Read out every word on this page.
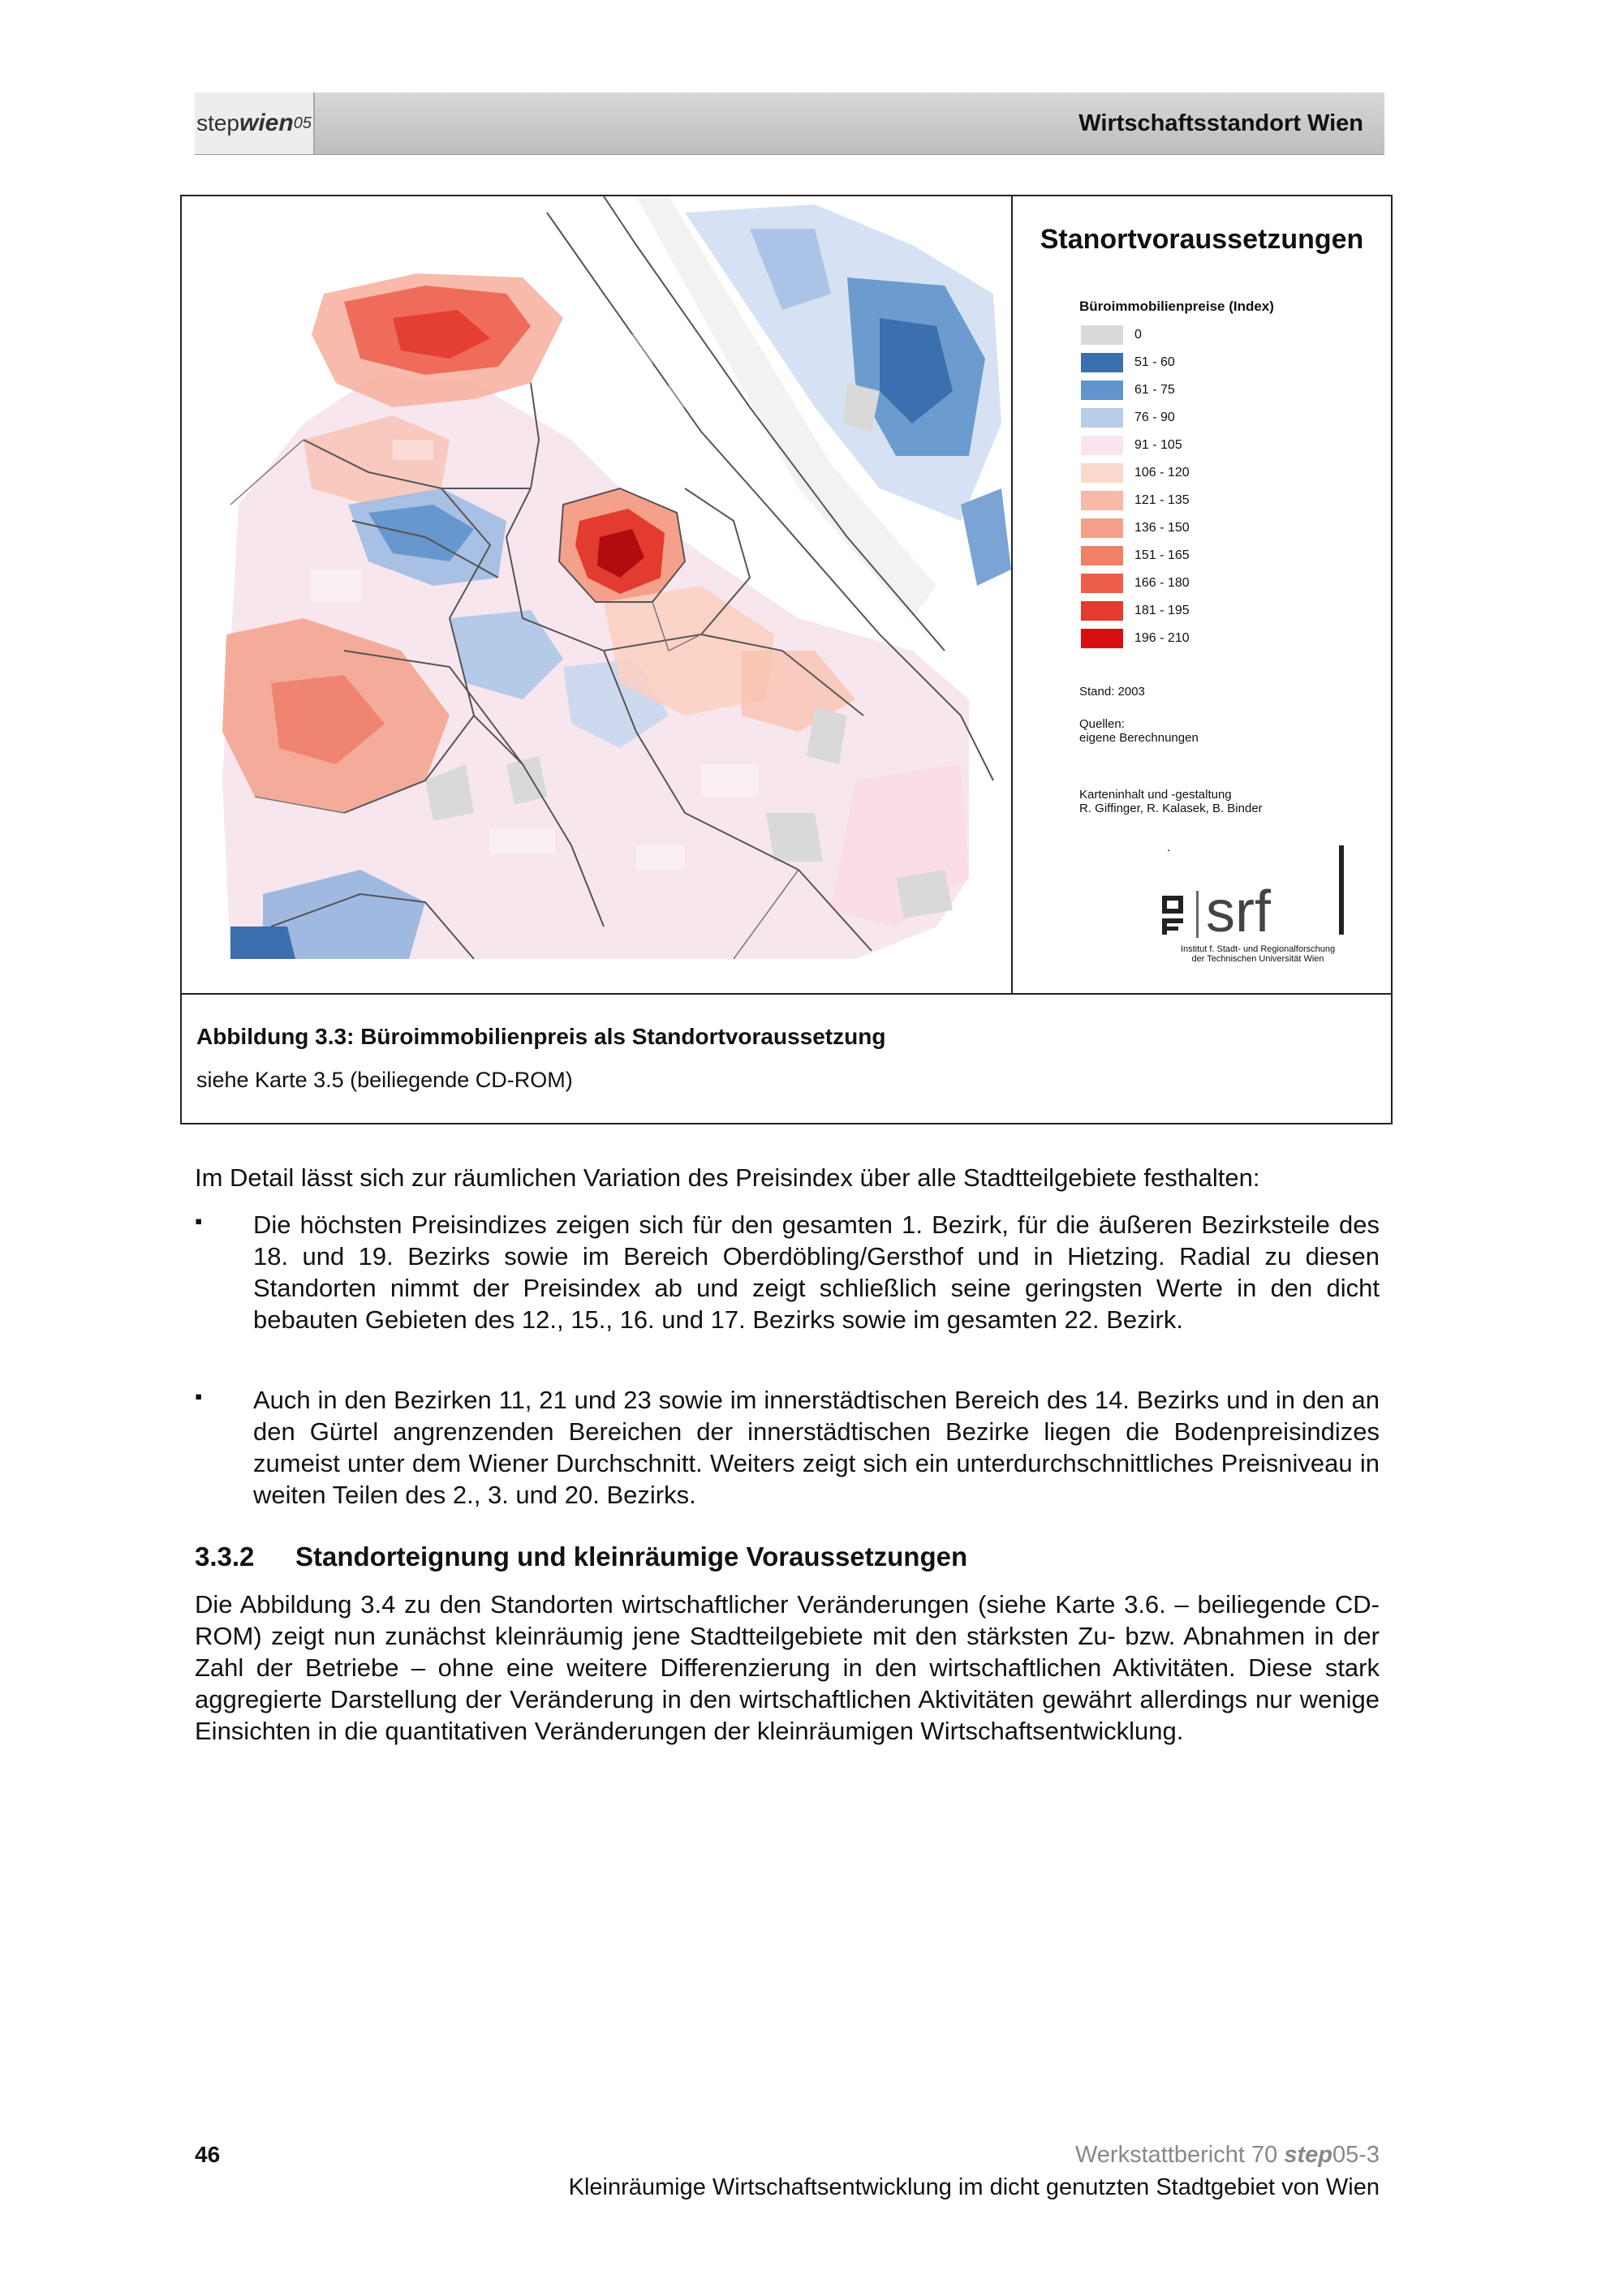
step wien 05	Wirtschaftsstandort Wien
Stanortvoraussetzungen
Büroimmobilienpreise (Index)
0
51 - 60
61 - 75
76 - 90
91 - 105
106 - 120
121 - 135
136 - 150
151 - 165
166 - 180
181 - 195
196 - 210
Stand: 2003
Quellen:
eigene Berechnungen
Karteninhalt und -gestaltung
R. Giffinger, R. Kalasek, B. Binder
.
srf
Institut f. Stadt- und Regionalforschung
der Technischen Universität Wien
Abbildung 3.3: Büroimmobilienpreis als Standortvoraussetzung
siehe Karte 3.5 (beiliegende CD-ROM)
Im Detail lässt sich zur räumlichen Variation des Preisindex über alle Stadtteilgebiete festhalten:
▪ Die höchsten Preisindizes zeigen sich für den gesamten 1. Bezirk, für die äußeren Bezirksteile des 18. und 19. Bezirks sowie im Bereich Oberdöbling/Gersthof und in Hietzing. Radial zu diesen Standorten nimmt der Preisindex ab und zeigt schließlich seine geringsten Werte in den dicht bebauten Gebieten des 12., 15., 16. und 17. Bezirks sowie im gesamten 22. Bezirk.
▪ Auch in den Bezirken 11, 21 und 23 sowie im innerstädtischen Bereich des 14. Bezirks und in den an den Gürtel angrenzenden Bereichen der innerstädtischen Bezirke liegen die Bodenpreisindizes zumeist unter dem Wiener Durchschnitt. Weiters zeigt sich ein unterdurchschnittliches Preisniveau in weiten Teilen des 2., 3. und 20. Bezirks.
3.3.2 Standorteignung und kleinräumige Voraussetzungen
Die Abbildung 3.4 zu den Standorten wirtschaftlicher Veränderungen (siehe Karte 3.6. – beiliegende CD-ROM) zeigt nun zunächst kleinräumig jene Stadtteilgebiete mit den stärksten Zu- bzw. Abnahmen in der Zahl der Betriebe – ohne eine weitere Differenzierung in den wirtschaftlichen Aktivitäten. Diese stark aggregierte Darstellung der Veränderung in den wirtschaftlichen Aktivitäten gewährt allerdings nur wenige Einsichten in die quantitativen Veränderungen der kleinräumigen Wirtschaftsentwicklung.
46	Werkstattbericht 70 step05-3
Kleinräumige Wirtschaftsentwicklung im dicht genutzten Stadtgebiet von Wien
